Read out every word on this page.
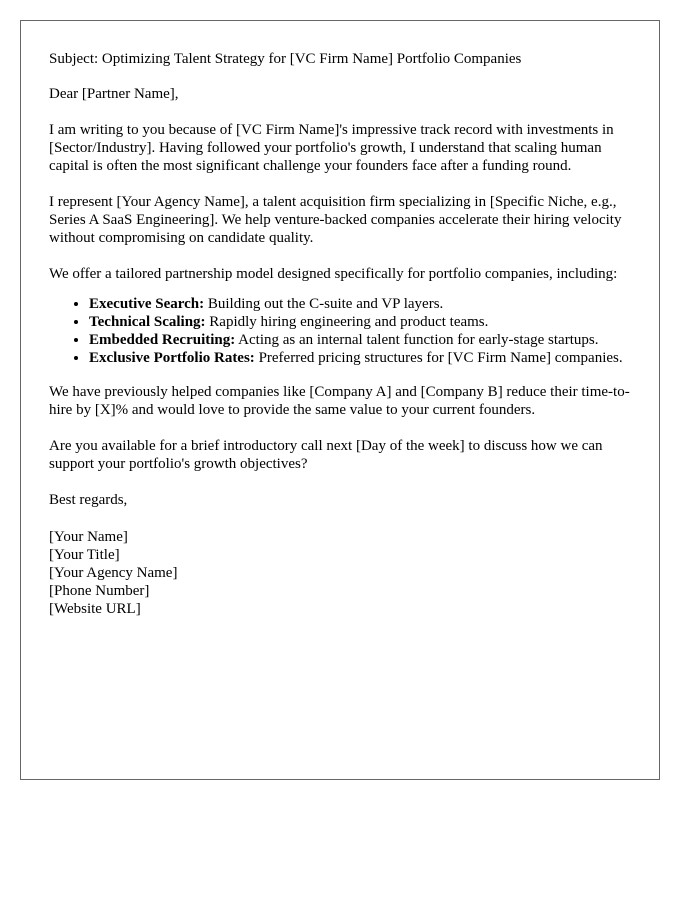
Subject: Optimizing Talent Strategy for [VC Firm Name] Portfolio Companies

Dear [Partner Name],

I am writing to you because of [VC Firm Name]'s impressive track record with investments in [Sector/Industry]. Having followed your portfolio's growth, I understand that scaling human capital is often the most significant challenge your founders face after a funding round.

I represent [Your Agency Name], a talent acquisition firm specializing in [Specific Niche, e.g., Series A SaaS Engineering]. We help venture-backed companies accelerate their hiring velocity without compromising on candidate quality.

We offer a tailored partnership model designed specifically for portfolio companies, including:

• Executive Search: Building out the C-suite and VP layers.
• Technical Scaling: Rapidly hiring engineering and product teams.
• Embedded Recruiting: Acting as an internal talent function for early-stage startups.
• Exclusive Portfolio Rates: Preferred pricing structures for [VC Firm Name] companies.

We have previously helped companies like [Company A] and [Company B] reduce their time-to-hire by [X]% and would love to provide the same value to your current founders.

Are you available for a brief introductory call next [Day of the week] to discuss how we can support your portfolio's growth objectives?

Best regards,

[Your Name]
[Your Title]
[Your Agency Name]
[Phone Number]
[Website URL]
